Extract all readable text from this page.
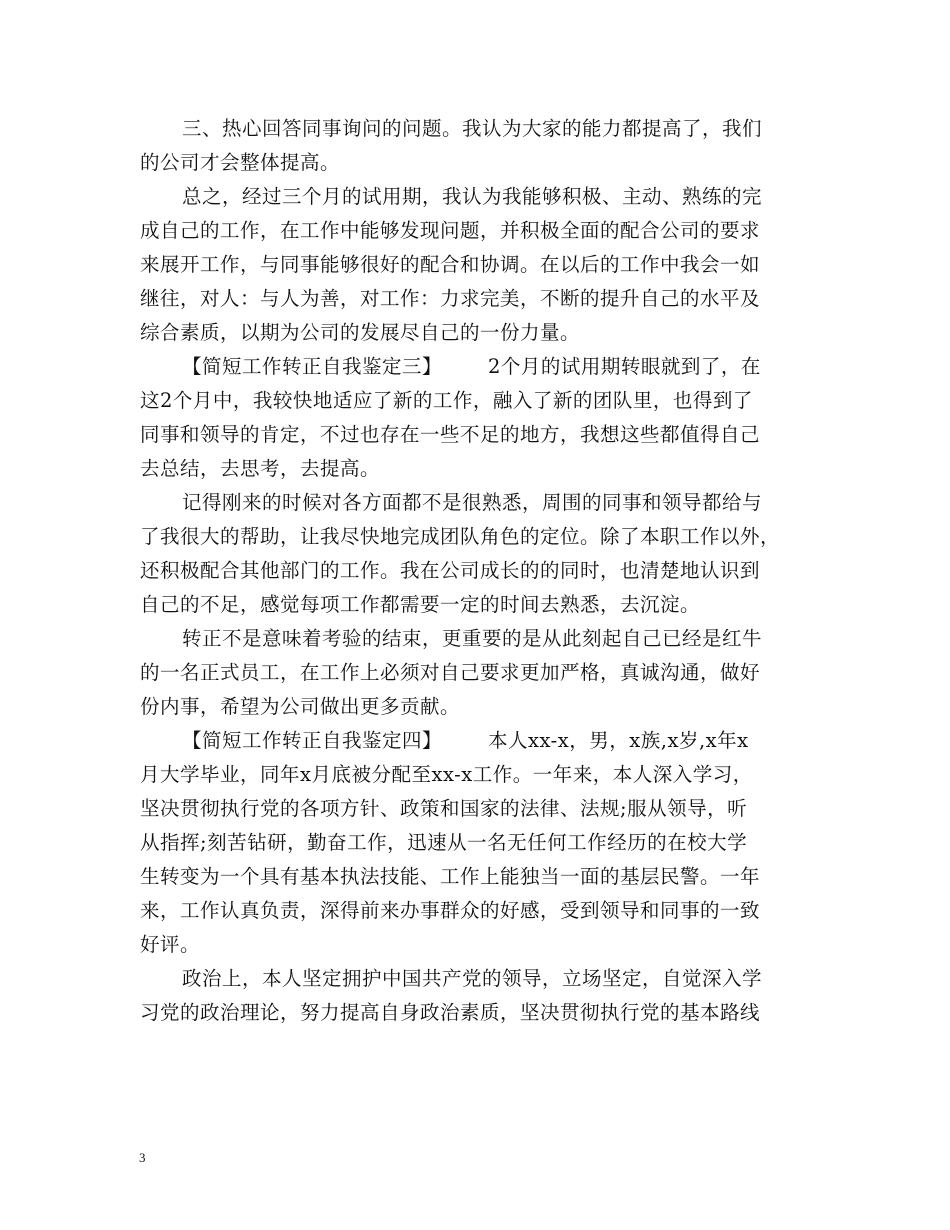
三、热心回答同事询问的问题。我认为大家的能力都提高了，我们
的公司才会整体提高。
总之，经过三个月的试用期，我认为我能够积极、主动、熟练的完
成自己的工作，在工作中能够发现问题，并积极全面的配合公司的要求
来展开工作，与同事能够很好的配合和协调。在以后的工作中我会一如
继往，对人：与人为善，对工作：力求完美，不断的提升自己的水平及
综合素质，以期为公司的发展尽自己的一份力量。
【简短工作转正自我鉴定三】 2个月的试用期转眼就到了，在
这2个月中，我较快地适应了新的工作，融入了新的团队里，也得到了
同事和领导的肯定，不过也存在一些不足的地方，我想这些都值得自己
去总结，去思考，去提高。
记得刚来的时候对各方面都不是很熟悉，周围的同事和领导都给与
了我很大的帮助，让我尽快地完成团队角色的定位。除了本职工作以外，
还积极配合其他部门的工作。我在公司成长的的同时，也清楚地认识到
自己的不足，感觉每项工作都需要一定的时间去熟悉，去沉淀。
转正不是意味着考验的结束，更重要的是从此刻起自己已经是红牛
的一名正式员工，在工作上必须对自己要求更加严格，真诚沟通，做好
份内事，希望为公司做出更多贡献。
【简短工作转正自我鉴定四】 本人xx-x，男，x族,x岁,x年x
月大学毕业，同年x月底被分配至xx-x工作。一年来，本人深入学习，
坚决贯彻执行党的各项方针、政策和国家的法律、法规;服从领导，听
从指挥;刻苦钻研，勤奋工作，迅速从一名无任何工作经历的在校大学
生转变为一个具有基本执法技能、工作上能独当一面的基层民警。一年
来，工作认真负责，深得前来办事群众的好感，受到领导和同事的一致
好评。
政治上，本人坚定拥护中国共产党的领导，立场坚定，自觉深入学
习党的政治理论，努力提高自身政治素质，坚决贯彻执行党的基本路线
3
